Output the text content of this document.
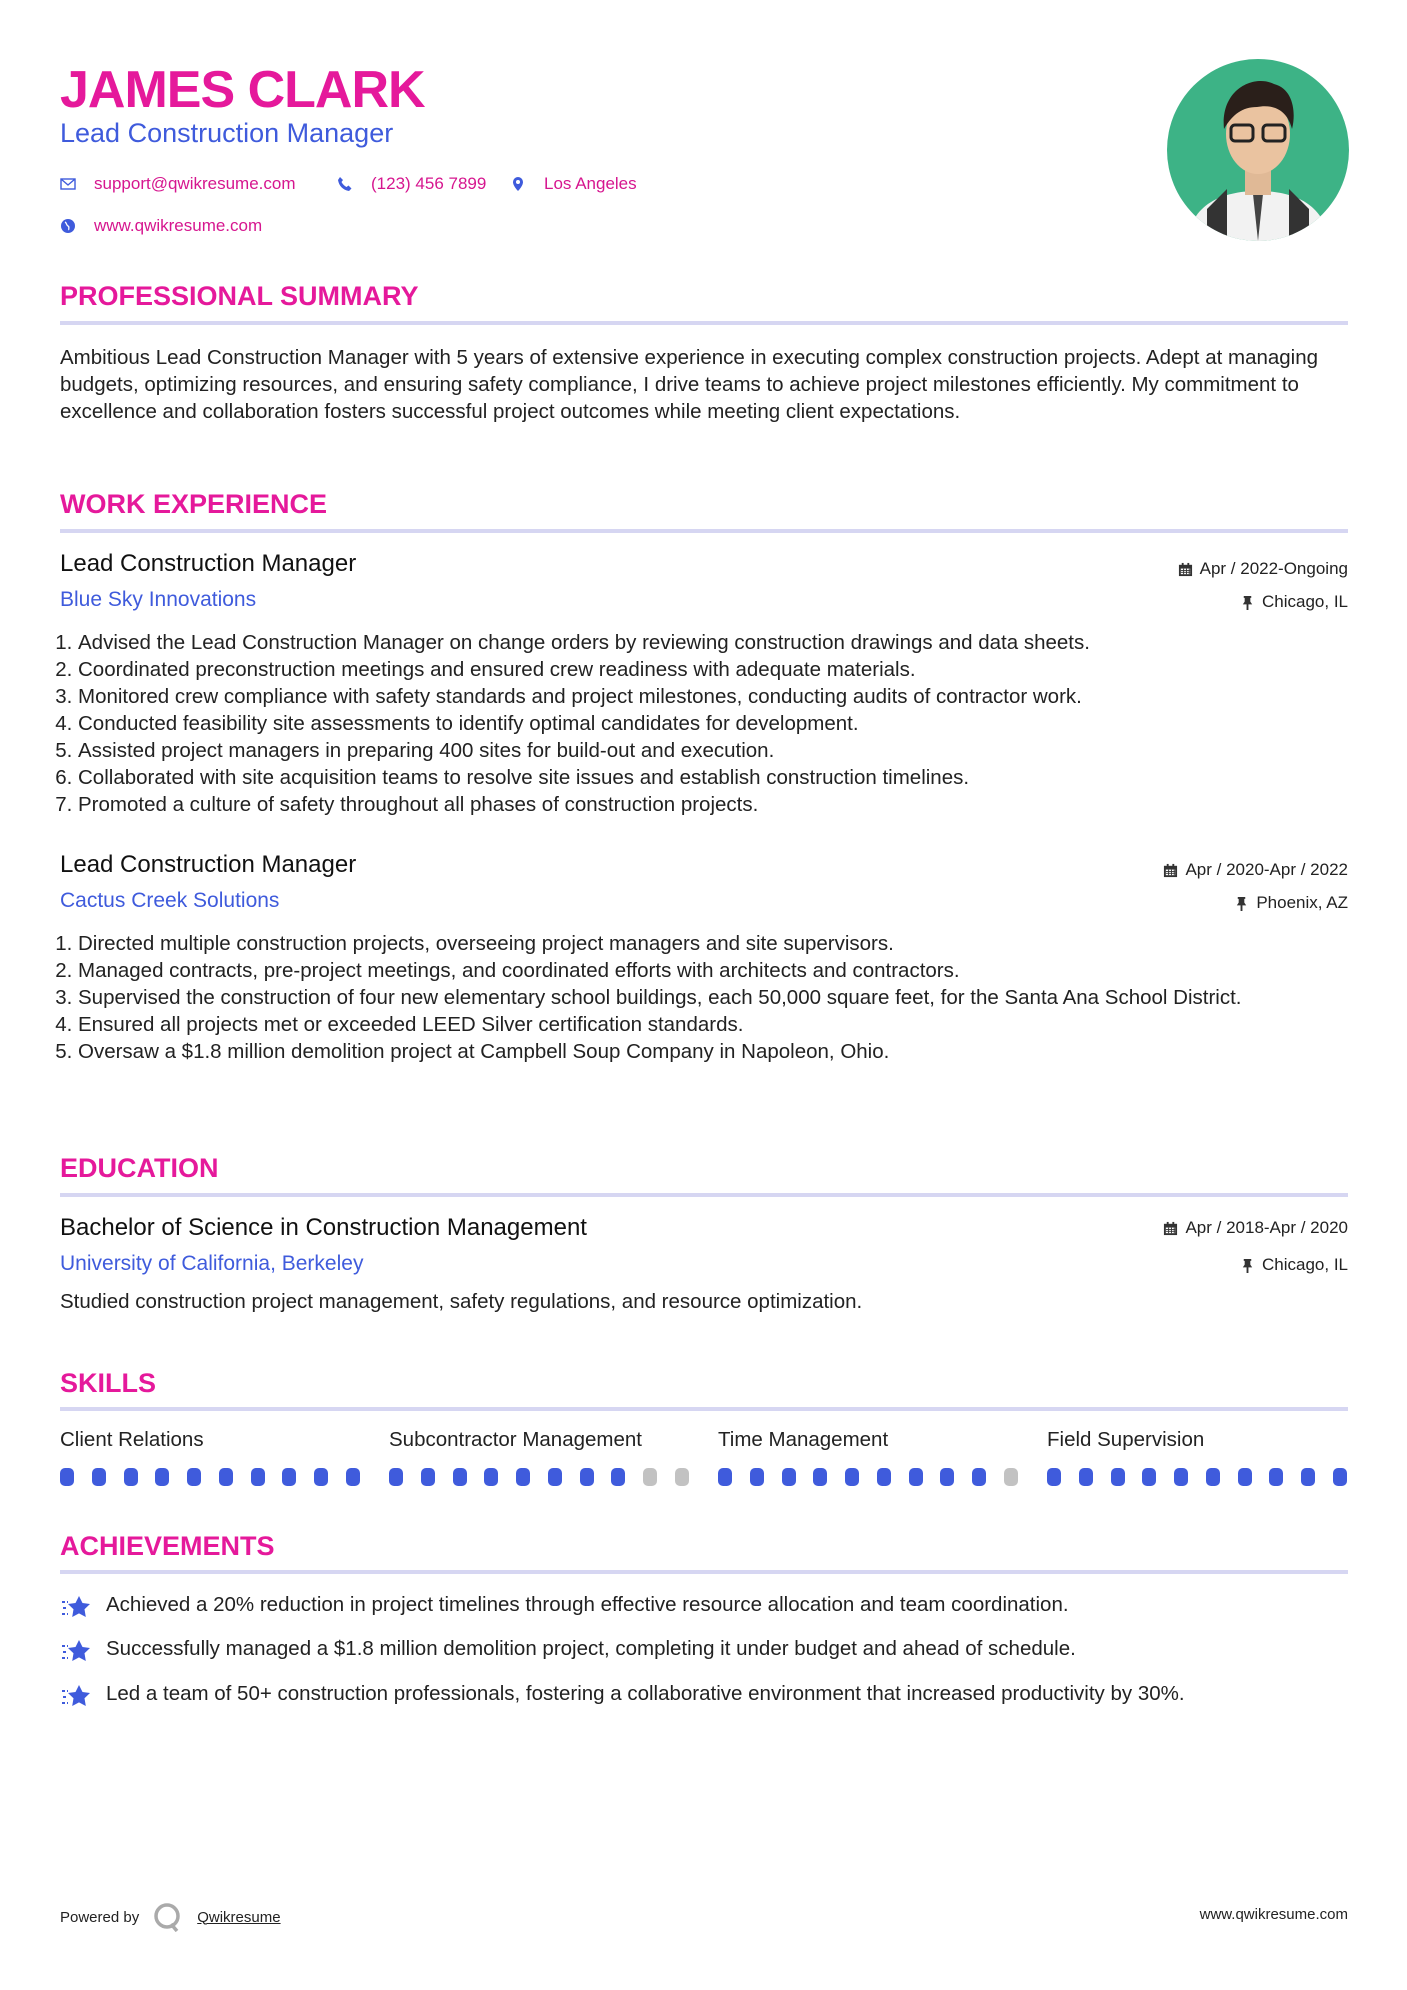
JAMES CLARK
Lead Construction Manager
support@qwikresume.com	(123) 456 7899	Los Angeles
www.qwikresume.com
PROFESSIONAL SUMMARY
Ambitious Lead Construction Manager with 5 years of extensive experience in executing complex construction projects. Adept at managing budgets, optimizing resources, and ensuring safety compliance, I drive teams to achieve project milestones efficiently. My commitment to excellence and collaboration fosters successful project outcomes while meeting client expectations.
WORK EXPERIENCE
Lead Construction Manager	Apr / 2022-Ongoing
Blue Sky Innovations	Chicago, IL
1. Advised the Lead Construction Manager on change orders by reviewing construction drawings and data sheets.
2. Coordinated preconstruction meetings and ensured crew readiness with adequate materials.
3. Monitored crew compliance with safety standards and project milestones, conducting audits of contractor work.
4. Conducted feasibility site assessments to identify optimal candidates for development.
5. Assisted project managers in preparing 400 sites for build-out and execution.
6. Collaborated with site acquisition teams to resolve site issues and establish construction timelines.
7. Promoted a culture of safety throughout all phases of construction projects.
Lead Construction Manager	Apr / 2020-Apr / 2022
Cactus Creek Solutions	Phoenix, AZ
1. Directed multiple construction projects, overseeing project managers and site supervisors.
2. Managed contracts, pre-project meetings, and coordinated efforts with architects and contractors.
3. Supervised the construction of four new elementary school buildings, each 50,000 square feet, for the Santa Ana School District.
4. Ensured all projects met or exceeded LEED Silver certification standards.
5. Oversaw a $1.8 million demolition project at Campbell Soup Company in Napoleon, Ohio.
EDUCATION
Bachelor of Science in Construction Management	Apr / 2018-Apr / 2020
University of California, Berkeley	Chicago, IL
Studied construction project management, safety regulations, and resource optimization.
SKILLS
Client Relations	Subcontractor Management	Time Management	Field Supervision
ACHIEVEMENTS
Achieved a 20% reduction in project timelines through effective resource allocation and team coordination.
Successfully managed a $1.8 million demolition project, completing it under budget and ahead of schedule.
Led a team of 50+ construction professionals, fostering a collaborative environment that increased productivity by 30%.
Powered by	Qwikresume	www.qwikresume.com
